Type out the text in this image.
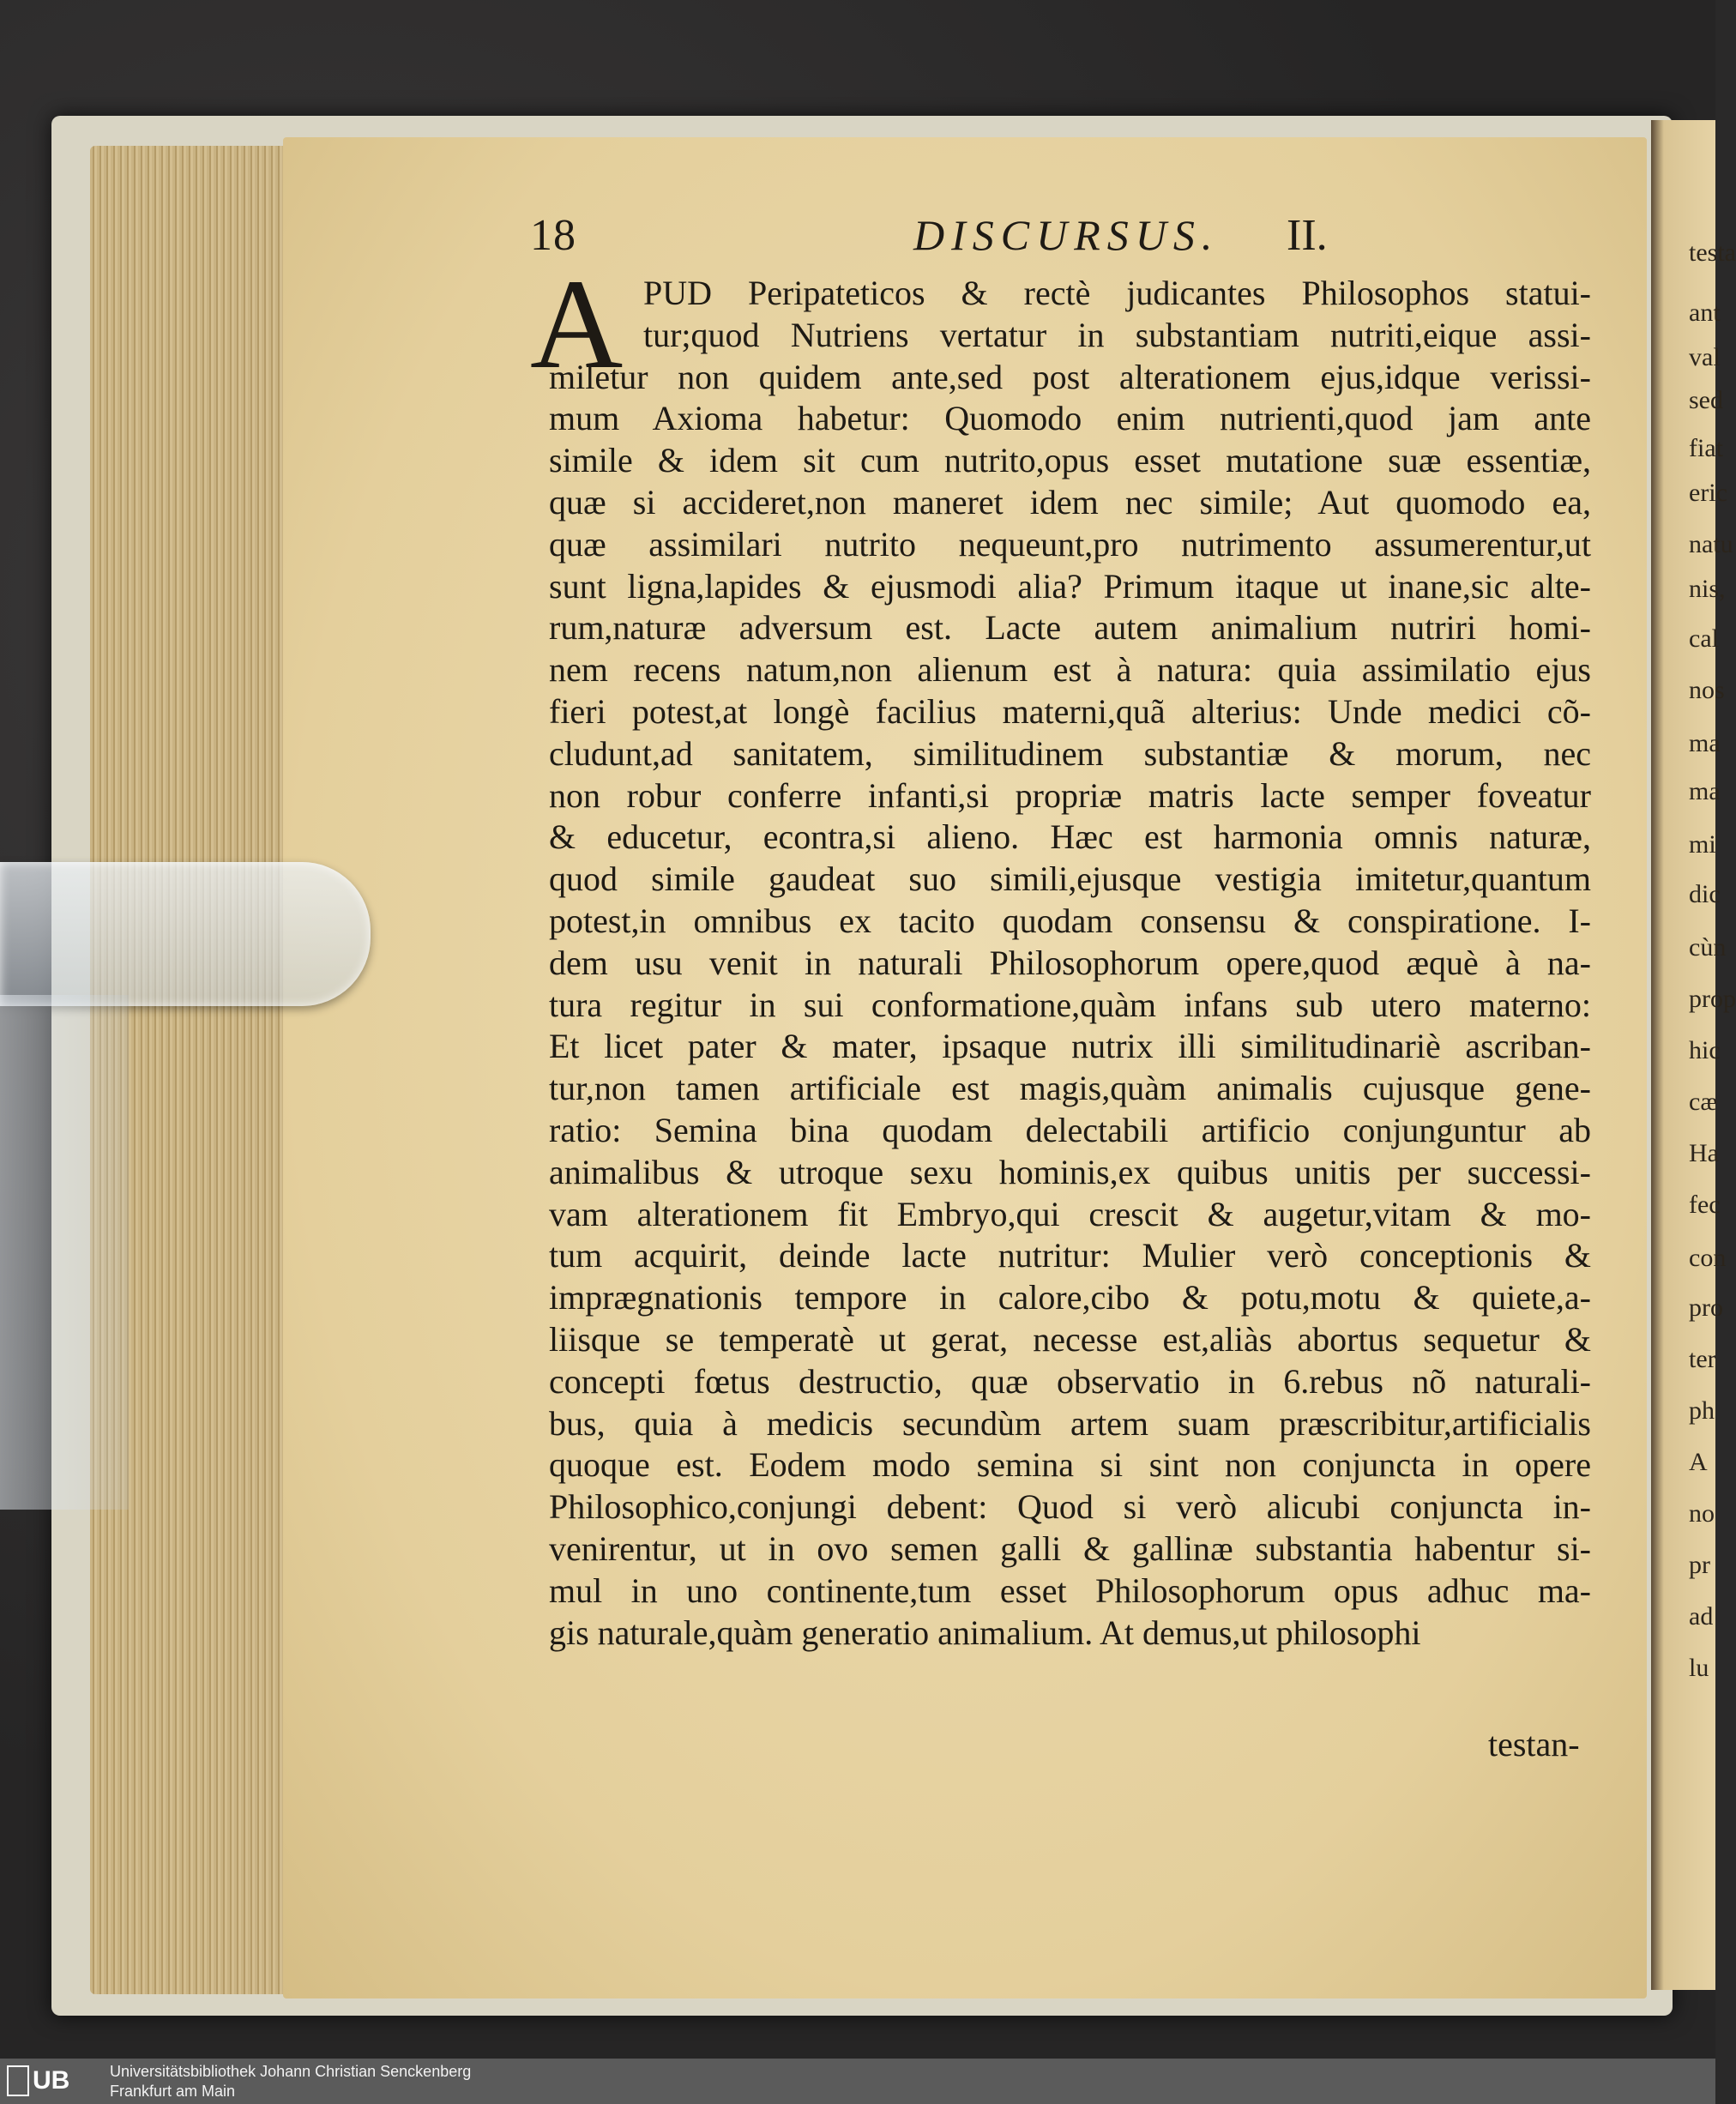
testa
ant
val
sed
fiat
eric
natu
nis,
cal
nos
ma
ma
mi
dic
cùn
prop
hic
cæ
Ha
fec
con
pro
ter
ph
A
no
pr
ad
lu
18	DISCURSUS. II.
A PUD Peripateticos & rectè judicantes Philosophos statui-
tur;quod Nutriens vertatur in substantiam nutriti,eique assi-
miletur non quidem ante,sed post alterationem ejus,idque verissi-
mum Axioma habetur: Quomodo enim nutrienti,quod jam ante
simile & idem sit cum nutrito,opus esset mutatione suæ essentiæ,
quæ si accideret,non maneret idem nec simile; Aut quomodo ea,
quæ assimilari nutrito nequeunt,pro nutrimento assumerentur,ut
sunt ligna,lapides & ejusmodi alia? Primum itaque ut inane,sic alte-
rum,naturæ adversum est. Lacte autem animalium nutriri homi-
nem recens natum,non alienum est à natura: quia assimilatio ejus
fieri potest,at longè facilius materni,quã alterius: Unde medici cõ-
cludunt,ad sanitatem, similitudinem substantiæ & morum, nec
non robur conferre infanti,si propriæ matris lacte semper foveatur
& educetur, econtra,si alieno. Hæc est harmonia omnis naturæ,
quod simile gaudeat suo simili,ejusque vestigia imitetur,quantum
potest,in omnibus ex tacito quodam consensu & conspiratione. I-
dem usu venit in naturali Philosophorum opere,quod æquè à na-
tura regitur in sui conformatione,quàm infans sub utero materno:
Et licet pater & mater, ipsaque nutrix illi similitudinariè ascriban-
tur,non tamen artificiale est magis,quàm animalis cujusque gene-
ratio: Semina bina quodam delectabili artificio conjunguntur ab
animalibus & utroque sexu hominis,ex quibus unitis per successi-
vam alterationem fit Embryo,qui crescit & augetur,vitam & mo-
tum acquirit, deinde lacte nutritur: Mulier verò conceptionis &
imprægnationis tempore in calore,cibo & potu,motu & quiete,a-
liisque se temperatè ut gerat, necesse est,aliàs abortus sequetur &
concepti fœtus destructio, quæ observatio in 6.rebus nõ naturali-
bus, quia à medicis secundùm artem suam præscribitur,artificialis
quoque est. Eodem modo semina si sint non conjuncta in opere
Philosophico,conjungi debent: Quod si verò alicubi conjuncta in-
venirentur, ut in ovo semen galli & gallinæ substantia habentur si-
mul in uno continente,tum esset Philosophorum opus adhuc ma-
gis naturale,quàm generatio animalium. At demus,ut philosophi
testan-
UB	Universitätsbibliothek Johann Christian Senckenberg
Frankfurt am Main
